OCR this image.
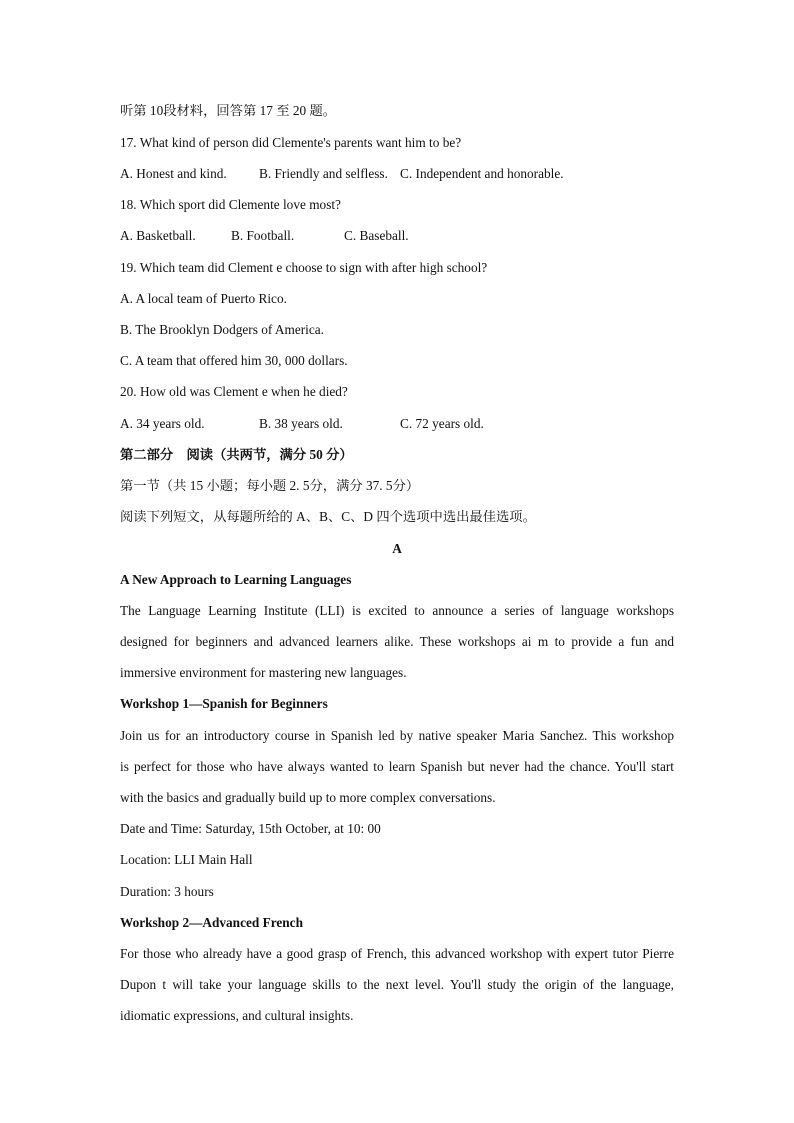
听第 10段材料，回答第 17 至 20 题。
17. What kind of person did Clemente's parents want him to be?
A. Honest and kind. B. Friendly and selfless. C. Independent and honorable.
18. Which sport did Clemente love most?
A. Basketball.	B. Football.	C. Baseball.
19. Which team did Clement e choose to sign with after high school?
A. A local team of Puerto Rico.
B. The Brooklyn Dodgers of America.
C. A team that offered him 30, 000 dollars.
20. How old was Clement e when he died?
A. 34 years old.	B. 38 years old.	C. 72 years old.
第二部分　阅读（共两节，满分 50 分）
第一节（共 15 小题；每小题 2. 5分，满分 37. 5分）
阅读下列短文，从每题所给的 A、B、C、D 四个选项中选出最佳选项。
A
A New Approach to Learning Languages
The Language Learning Institute (LLI) is excited to announce a series of language workshops
designed for beginners and advanced learners alike. These workshops ai m to provide a fun and
immersive environment for mastering new languages.
Workshop 1—Spanish for Beginners
Join us for an introductory course in Spanish led by native speaker Maria Sanchez. This workshop
is perfect for those who have always wanted to learn Spanish but never had the chance. You'll start
with the basics and gradually build up to more complex conversations.
Date and Time: Saturday, 15th October, at 10: 00
Location: LLI Main Hall
Duration: 3 hours
Workshop 2—Advanced French
For those who already have a good grasp of French, this advanced workshop with expert tutor Pierre
Dupon t will take your language skills to the next level. You'll study the origin of the language,
idiomatic expressions, and cultural insights.
